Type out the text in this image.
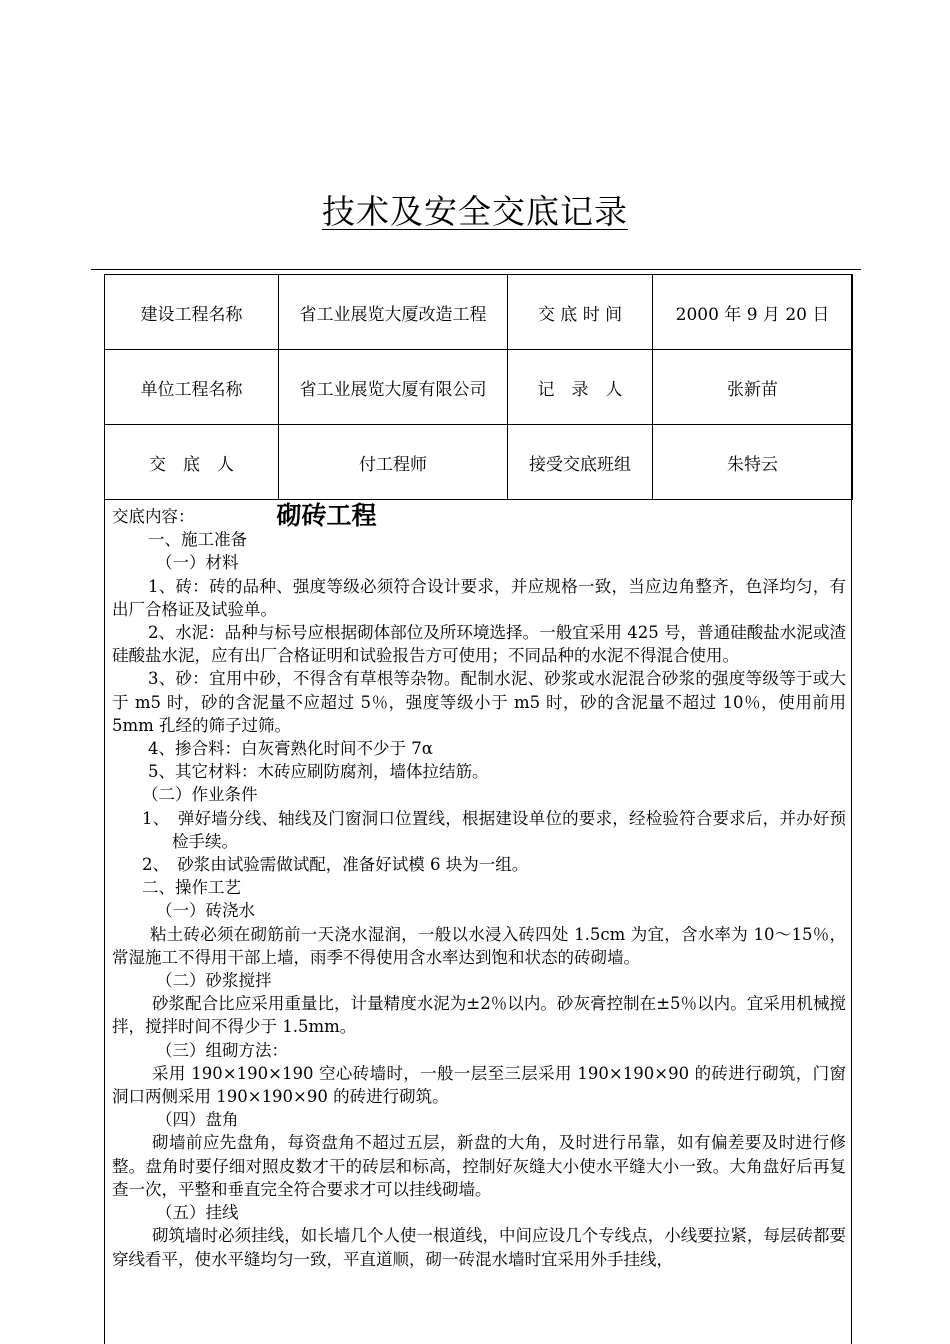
技术及安全交底记录
建设工程名称	省工业展览大厦改造工程	交 底 时 间	2000 年 9 月 20 日
单位工程名称	省工业展览大厦有限公司	记　录　人	张新苗
交　底　人	付工程师	接受交底班组	朱特云

交底内容：	砌砖工程

一、施工准备

（一）材料

1、砖：砖的品种、强度等级必须符合设计要求，并应规格一致，当应边角整齐，色泽均匀，有出厂合格证及试验单。

2、水泥：品种与标号应根据砌体部位及所环境选择。一般宜采用 425 号，普通硅酸盐水泥或渣硅酸盐水泥，应有出厂合格证明和试验报告方可使用；不同品种的水泥不得混合使用。

3、砂：宜用中砂，不得含有草根等杂物。配制水泥、砂浆或水泥混合砂浆的强度等级等于或大于 m5 时，砂的含泥量不应超过 5％，强度等级小于 m5 时，砂的含泥量不超过 10％，使用前用 5mm 孔经的筛子过筛。

4、掺合料：白灰膏熟化时间不少于 7α

5、其它材料：木砖应刷防腐剂，墙体拉结筋。

（二）作业条件

1、　弹好墙分线、轴线及门窗洞口位置线，根据建设单位的要求，经检验符合要求后，并办好预检手续。

2、　砂浆由试验需做试配，准备好试模 6 块为一组。

二、操作工艺

（一）砖浇水

粘土砖必须在砌筋前一天浇水湿润，一般以水浸入砖四处 1.5cm 为宜，含水率为 10～15％，常湿施工不得用干部上墙，雨季不得使用含水率达到饱和状态的砖砌墙。

（二）砂浆搅拌

砂浆配合比应采用重量比，计量精度水泥为±2％以内。砂灰膏控制在±5％以内。宜采用机械搅拌，搅拌时间不得少于 1.5mm。

（三）组砌方法：

采用 190×190×190 空心砖墙时，一般一层至三层采用 190×190×90 的砖进行砌筑，门窗洞口两侧采用 190×190×90 的砖进行砌筑。

（四）盘角

砌墙前应先盘角，每资盘角不超过五层，新盘的大角，及时进行吊靠，如有偏差要及时进行修整。盘角时要仔细对照皮数才干的砖层和标高，控制好灰缝大小使水平缝大小一致。大角盘好后再复查一次，平整和垂直完全符合要求才可以挂线砌墙。

（五）挂线

砌筑墙时必须挂线，如长墙几个人使一根道线，中间应设几个专线点，小线要拉紧，每层砖都要穿线看平，使水平缝均匀一致，平直道顺，砌一砖混水墙时宜采用外手挂线，
